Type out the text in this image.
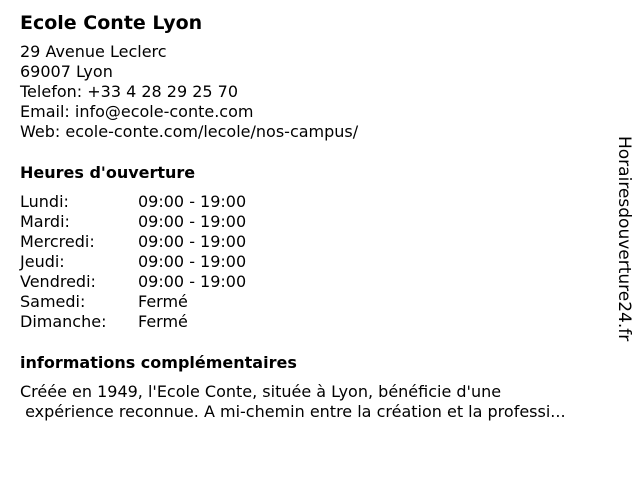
Ecole Conte Lyon
29 Avenue Leclerc
69007 Lyon
Telefon: +33 4 28 29 25 70
Email: info@ecole-conte.com
Web: ecole-conte.com/lecole/nos-campus/
Heures d'ouverture
Lundi:	09:00 - 19:00
Mardi:	09:00 - 19:00
Mercredi:	09:00 - 19:00
Jeudi:	09:00 - 19:00
Vendredi:	09:00 - 19:00
Samedi:	Fermé
Dimanche:	Fermé
informations complémentaires
Créée en 1949, l'Ecole Conte, située à Lyon, bénéficie d'une
expérience reconnue. A mi-chemin entre la création et la professi...
Horairesdouverture24.fr
